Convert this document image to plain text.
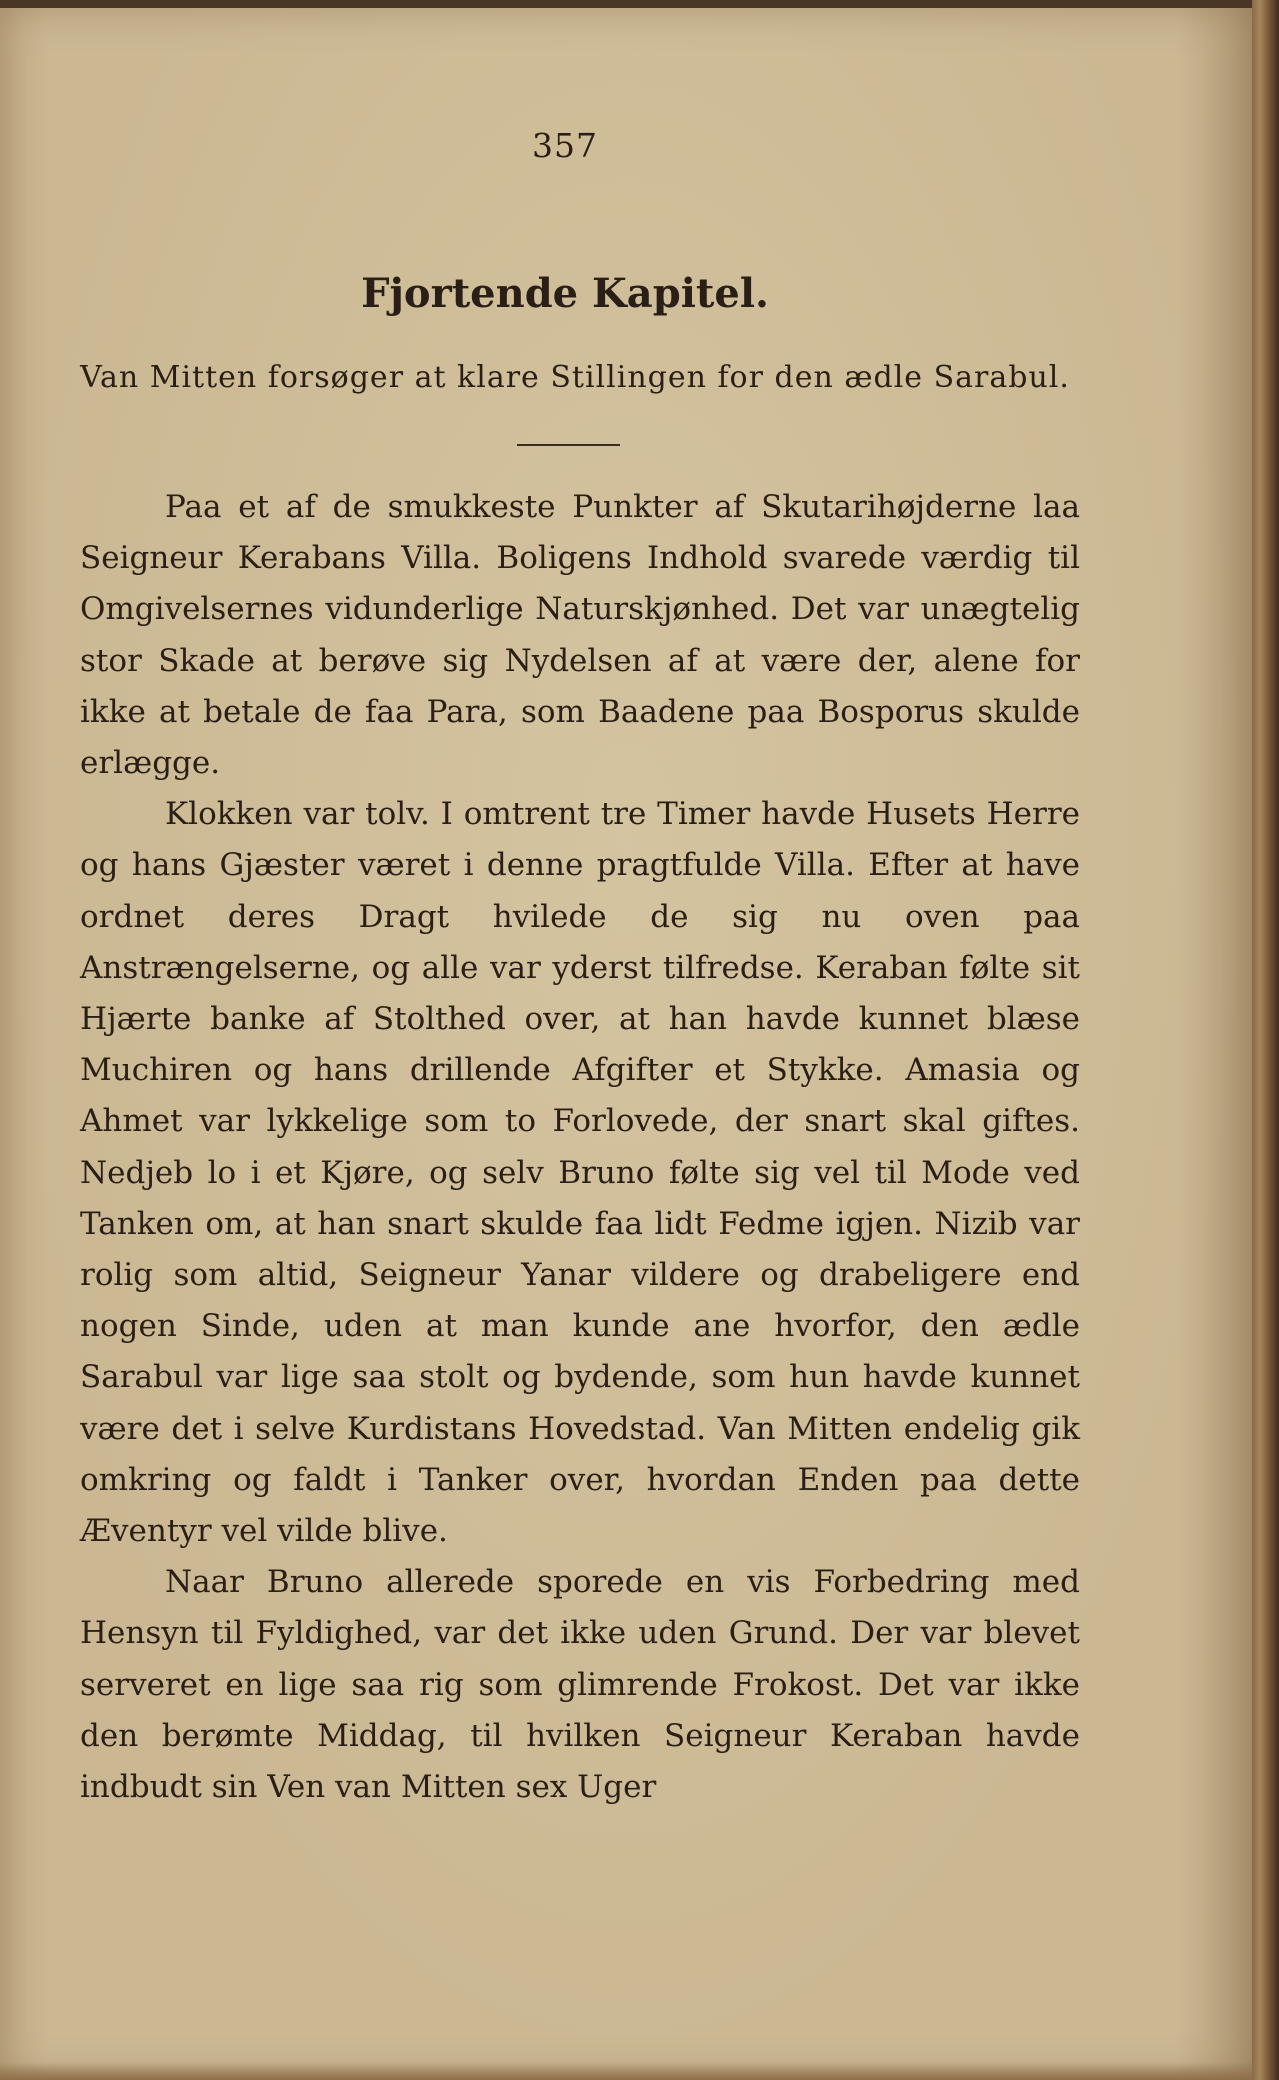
357
Fjortende Kapitel.
Van Mitten forsøger at klare Stillingen for den ædle Sarabul.

Paa et af de smukkeste Punkter af Skutarihøjderne laa Seigneur Kerabans Villa. Boligens Indhold svarede værdig til Omgivelsernes vidunderlige Naturskjønhed. Det var unægtelig stor Skade at berøve sig Nydelsen af at være der, alene for ikke at betale de faa Para, som Baadene paa Bosporus skulde erlægge.

Klokken var tolv. I omtrent tre Timer havde Husets Herre og hans Gjæster været i denne pragtfulde Villa. Efter at have ordnet deres Dragt hvilede de sig nu oven paa Anstrængelserne, og alle var yderst tilfredse. Keraban følte sit Hjærte banke af Stolthed over, at han havde kunnet blæse Muchiren og hans drillende Afgifter et Stykke. Amasia og Ahmet var lykkelige som to Forlovede, der snart skal giftes. Nedjeb lo i et Kjøre, og selv Bruno følte sig vel til Mode ved Tanken om, at han snart skulde faa lidt Fedme igjen. Nizib var rolig som altid, Seigneur Yanar vildere og drabeligere end nogen Sinde, uden at man kunde ane hvorfor, den ædle Sarabul var lige saa stolt og bydende, som hun havde kunnet være det i selve Kurdistans Hovedstad. Van Mitten endelig gik omkring og faldt i Tanker over, hvordan Enden paa dette Æventyr vel vilde blive.

Naar Bruno allerede sporede en vis Forbedring med Hensyn til Fyldighed, var det ikke uden Grund. Der var blevet serveret en lige saa rig som glimrende Frokost. Det var ikke den berømte Middag, til hvilken Seigneur Keraban havde indbudt sin Ven van Mitten sex Uger
